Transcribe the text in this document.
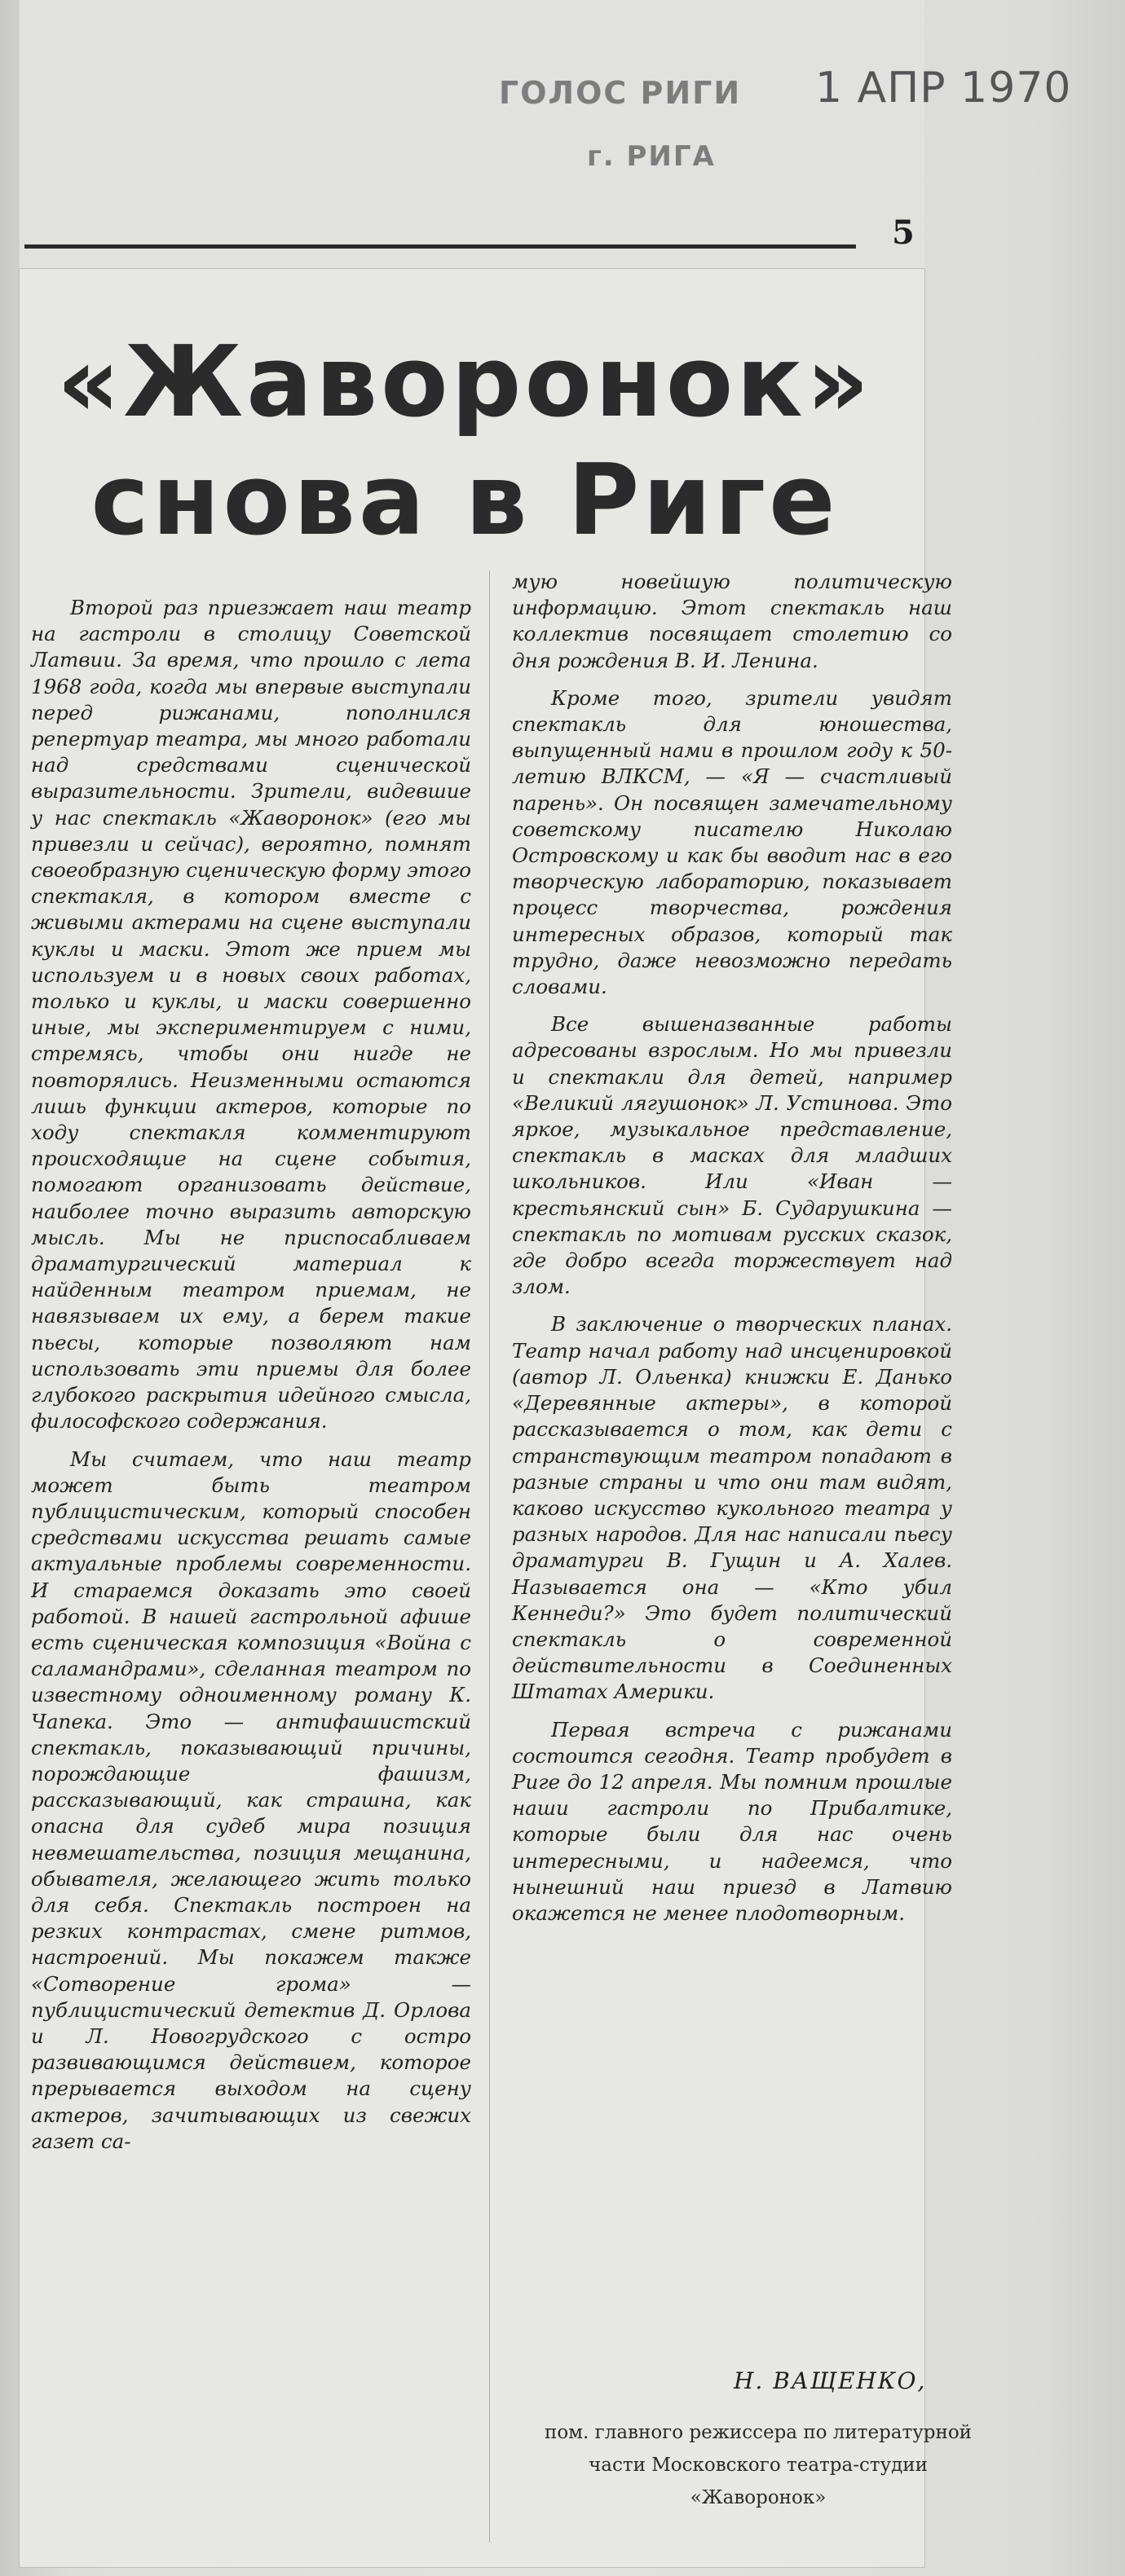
ГОЛОС РИГИ
г. РИГА
1 АПР 1970
5
«Жаворонок»
снова в Риге

Второй раз приезжает наш театр на гастроли в столицу Советской Латвии. За время, что прошло с лета 1968 года, когда мы впервые выступали перед рижанами, пополнился репертуар театра, мы много работали над средствами сценической выразительности. Зрители, видевшие у нас спектакль «Жаворонок» (его мы привезли и сейчас), вероятно, помнят своеобразную сценическую форму этого спектакля, в котором вместе с живыми актерами на сцене выступали куклы и маски. Этот же прием мы используем и в новых своих работах, только и куклы, и маски совершенно иные, мы экспериментируем с ними, стремясь, чтобы они нигде не повторялись. Неизменными остаются лишь функции актеров, которые по ходу спектакля комментируют происходящие на сцене события, помогают организовать действие, наиболее точно выразить авторскую мысль. Мы не приспосабливаем драматургический материал к найденным театром приемам, не навязываем их ему, а берем такие пьесы, которые позволяют нам использовать эти приемы для более глубокого раскрытия идейного смысла, философского содержания.

Мы считаем, что наш театр может быть театром публицистическим, который способен средствами искусства решать самые актуальные проблемы современности. И стараемся доказать это своей работой. В нашей гастрольной афише есть сценическая композиция «Война с саламандрами», сделанная театром по известному одноименному роману К. Чапека. Это — антифашистский спектакль, показывающий причины, порождающие фашизм, рассказывающий, как страшна, как опасна для судеб мира позиция невмешательства, позиция мещанина, обывателя, желающего жить только для себя. Спектакль построен на резких контрастах, смене ритмов, настроений. Мы покажем также «Сотворение грома» — публицистический детектив Д. Орлова и Л. Новогрудского с остро развивающимся действием, которое прерывается выходом на сцену актеров, зачитывающих из свежих газет са-

мую новейшую политическую информацию. Этот спектакль наш коллектив посвящает столетию со дня рождения В. И. Ленина.

Кроме того, зрители увидят спектакль для юношества, выпущенный нами в прошлом году к 50-летию ВЛКСМ, — «Я — счастливый парень». Он посвящен замечательному советскому писателю Николаю Островскому и как бы вводит нас в его творческую лабораторию, показывает процесс творчества, рождения интересных образов, который так трудно, даже невозможно передать словами.

Все вышеназванные работы адресованы взрослым. Но мы привезли и спектакли для детей, например «Великий лягушонок» Л. Устинова. Это яркое, музыкальное представление, спектакль в масках для младших школьников. Или «Иван — крестьянский сын» Б. Сударушкина — спектакль по мотивам русских сказок, где добро всегда торжествует над злом.

В заключение о творческих планах. Театр начал работу над инсценировкой (автор Л. Ольенка) книжки Е. Данько «Деревянные актеры», в которой рассказывается о том, как дети с странствующим театром попадают в разные страны и что они там видят, каково искусство кукольного театра у разных народов. Для нас написали пьесу драматурги В. Гущин и А. Халев. Называется она — «Кто убил Кеннеди?» Это будет политический спектакль о современной действительности в Соединенных Штатах Америки.

Первая встреча с рижанами состоится сегодня. Театр пробудет в Риге до 12 апреля. Мы помним прошлые наши гастроли по Прибалтике, которые были для нас очень интересными, и надеемся, что нынешний наш приезд в Латвию окажется не менее плодотворным.

Н. ВАЩЕНКО,
пом. главного режиссера по литературной части Московского театра-студии «Жаворонок»
